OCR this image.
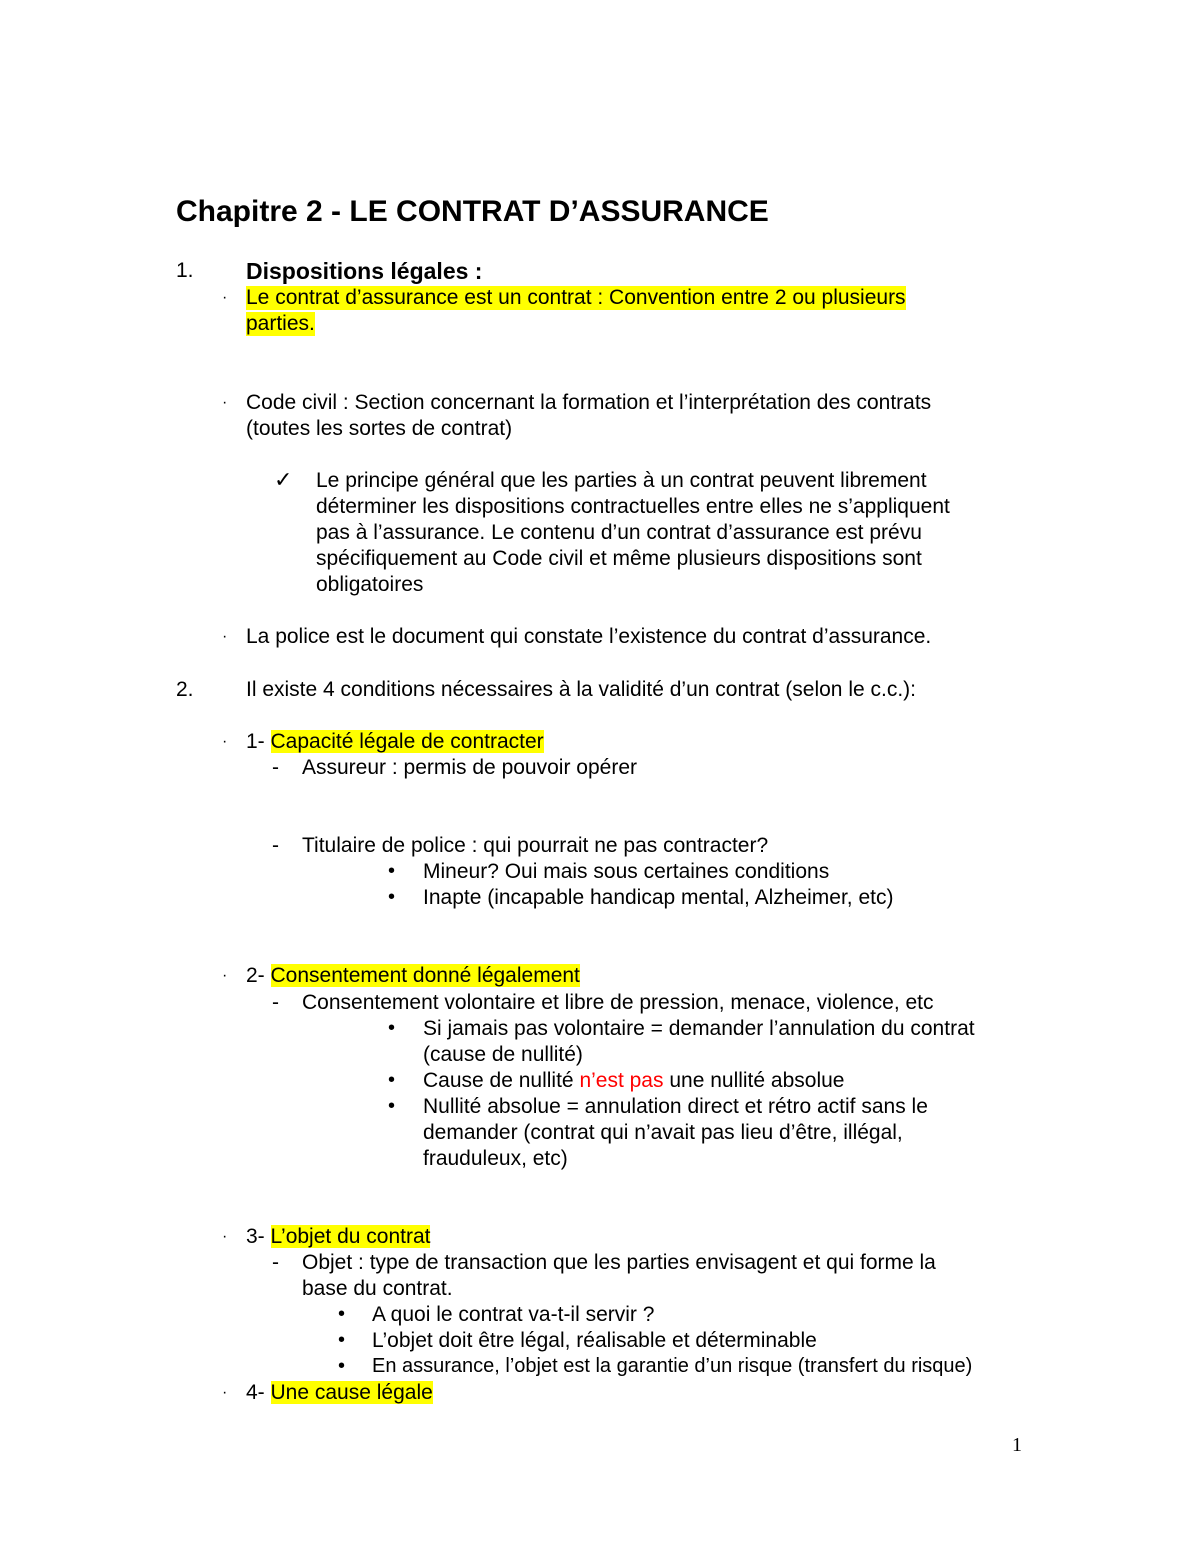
Chapitre 2 - LE CONTRAT D’ASSURANCE
1. Dispositions légales :
· Le contrat d’assurance est un contrat : Convention entre 2 ou plusieurs
parties.
· Code civil : Section concernant la formation et l’interprétation des contrats
(toutes les sortes de contrat)
✓ Le principe général que les parties à un contrat peuvent librement
déterminer les dispositions contractuelles entre elles ne s’appliquent
pas à l’assurance. Le contenu d’un contrat d’assurance est prévu
spécifiquement au Code civil et même plusieurs dispositions sont
obligatoires
· La police est le document qui constate l’existence du contrat d’assurance.
2. Il existe 4 conditions nécessaires à la validité d’un contrat (selon le c.c.):
· 1- Capacité légale de contracter
- Assureur : permis de pouvoir opérer
- Titulaire de police : qui pourrait ne pas contracter?
• Mineur? Oui mais sous certaines conditions
• Inapte (incapable handicap mental, Alzheimer, etc)
· 2- Consentement donné légalement
- Consentement volontaire et libre de pression, menace, violence, etc
• Si jamais pas volontaire = demander l’annulation du contrat
(cause de nullité)
• Cause de nullité n’est pas une nullité absolue
• Nullité absolue = annulation direct et rétro actif sans le
demander (contrat qui n’avait pas lieu d’être, illégal,
frauduleux, etc)
· 3- L’objet du contrat
- Objet : type de transaction que les parties envisagent et qui forme la
base du contrat.
• A quoi le contrat va-t-il servir ?
• L’objet doit être légal, réalisable et déterminable
• En assurance, l’objet est la garantie d’un risque (transfert du risque)
· 4- Une cause légale
1
